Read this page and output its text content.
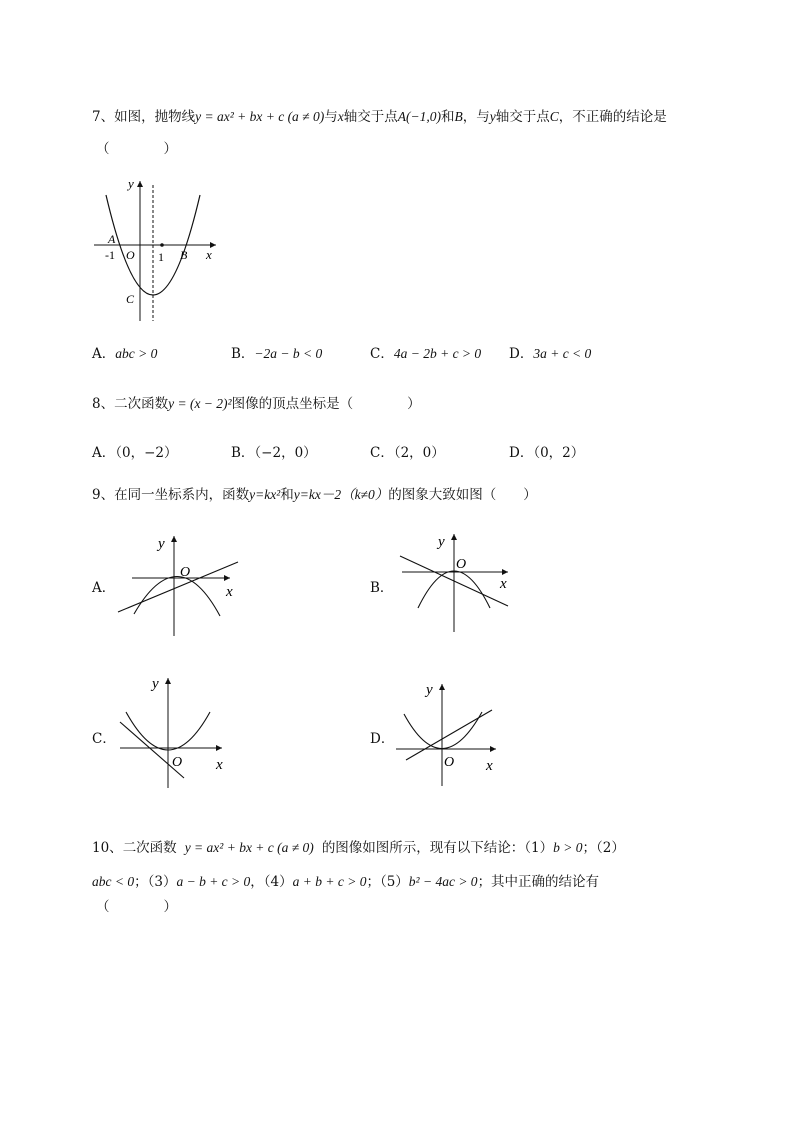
7、如图，抛物线y = ax² + bx + c (a ≠ 0)与x轴交于点A(−1,0)和B，与y轴交于点C，不正确的结论是
（　　　　）
y
A
-1 O 1 B x
C
A．abc > 0	B．−2a − b < 0	C．4a − 2b + c > 0 D．3a + c < 0
8、二次函数y = (x − 2)²图像的顶点坐标是（　　　　）
A．（0，−2）	B．（−2，0）	C．（2，0）	D．（0，2）
9、在同一坐标系内，函数y=kx²和y=kx－2（k≠0）的图象大致如图（　　）
A．
y
O
x	B．
y
O
x
C．
y
O x
D．
y
O x
10、二次函数 y = ax² + bx + c (a ≠ 0) 的图像如图所示，现有以下结论：（1）b > 0；（2）
abc < 0；（3）a − b + c > 0，（4）a + b + c > 0；（5）b² − 4ac > 0；其中正确的结论有
（　　　　）
